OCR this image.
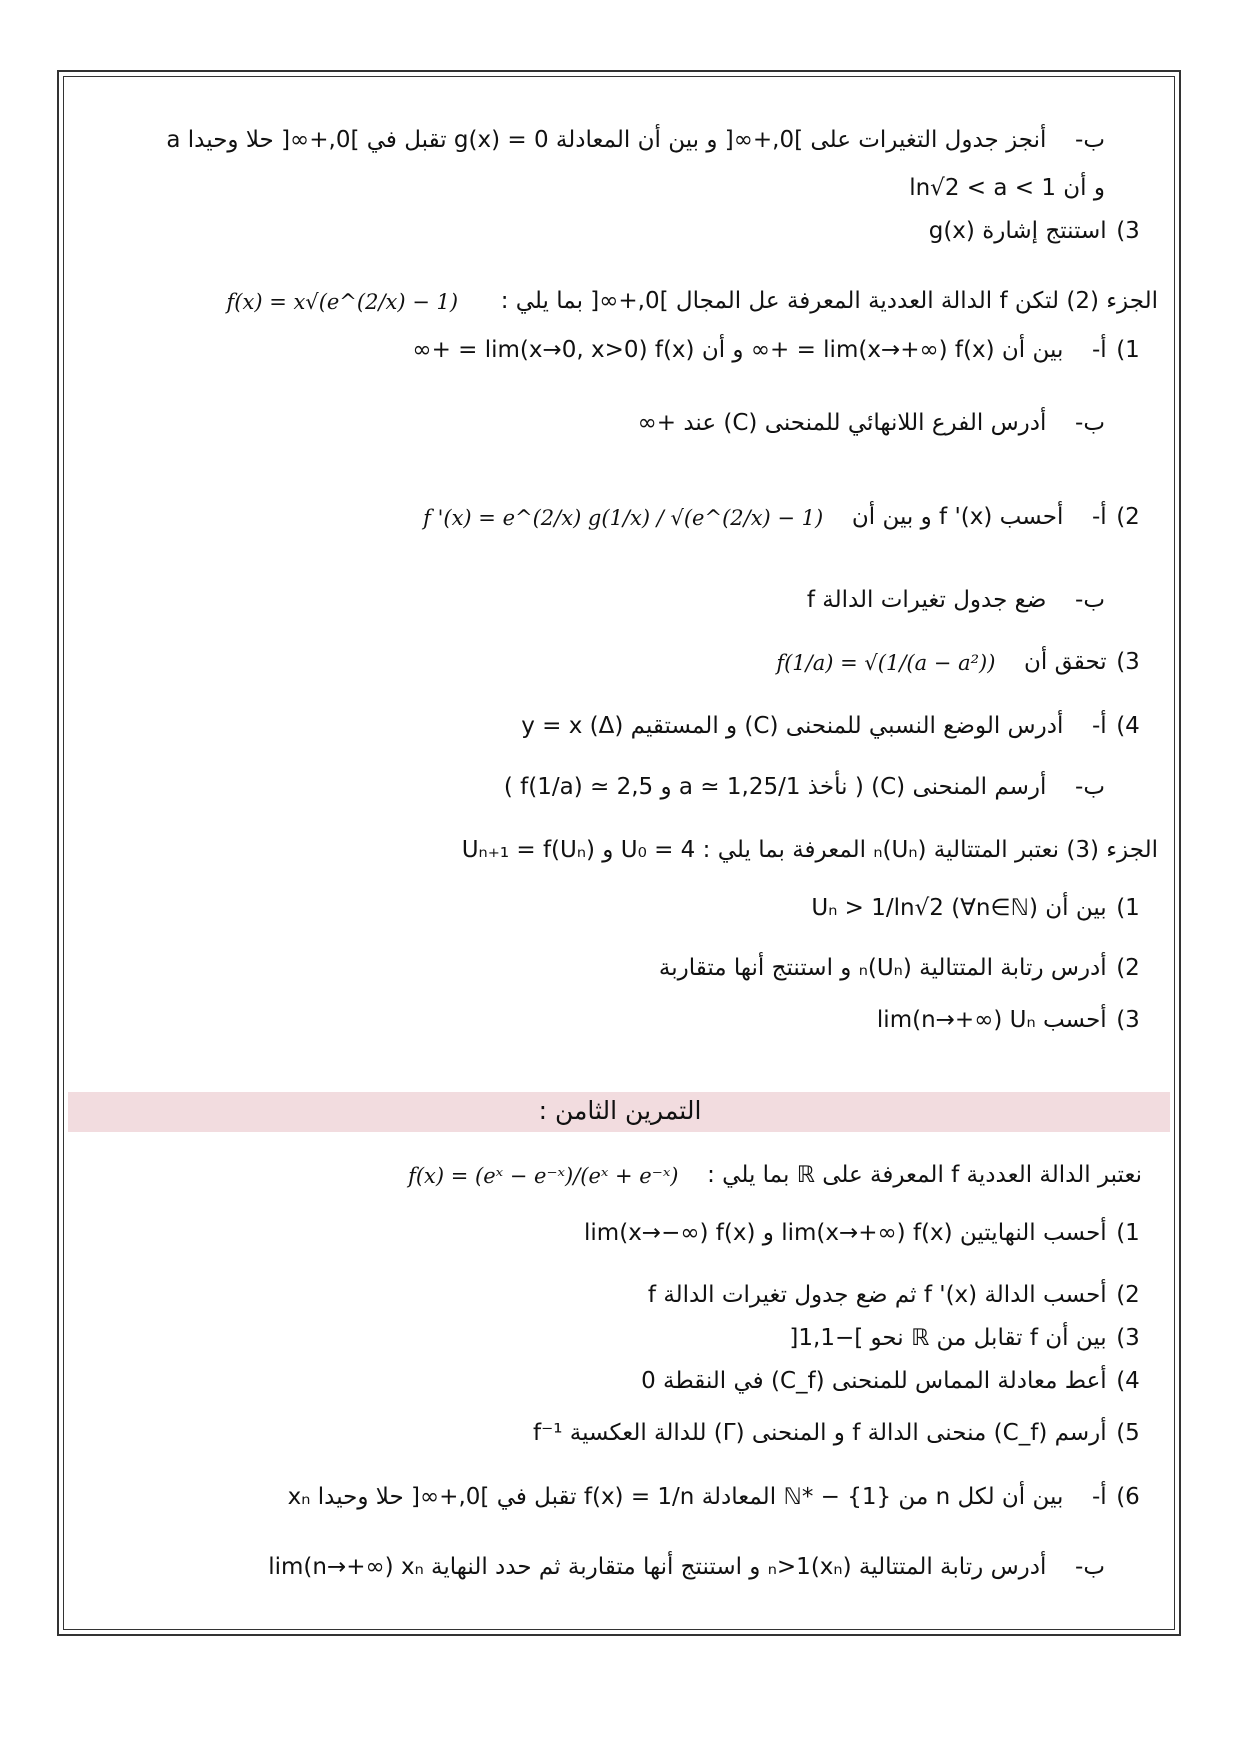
ب-  أنجز جدول التغيرات على ]0,+∞[ و بين أن المعادلة g(x) = 0 تقبل في ]0,+∞[ حلا وحيدا a
و أن ln√2 < a < 1
3) استنتج إشارة g(x)
الجزء (2) لتكن f الدالة العددية المعرفة عل المجال ]0,+∞[ بما يلي :  f(x) = x√(e^(2/x) − 1)
1) أ-  بين أن lim(x→+∞) f(x) = +∞ و أن lim(x→0, x>0) f(x) = +∞
ب-  أدرس الفرع اللانهائي للمنحنى (C) عند +∞
2) أ-  أحسب f '(x) و بين أن  f '(x) = e^(2/x) g(1/x) / √(e^(2/x) − 1)
ب-  ضع جدول تغيرات الدالة f
3) تحقق أن  f(1/a) = √(1/(a − a²))
4) أ-  أدرس الوضع النسبي للمنحنى (C) و المستقيم y = x (Δ)
ب-  أرسم المنحنى (C) ( نأخذ 1/a ≃ 1,25 و f(1/a) ≃ 2,5 )
الجزء (3) نعتبر المتتالية (Uₙ)ₙ المعرفة بما يلي : U₀ = 4 و Uₙ₊₁ = f(Uₙ)
1) بين أن Uₙ > 1/ln√2 (∀n∈ℕ)
2) أدرس رتابة المتتالية (Uₙ)ₙ و استنتج أنها متقاربة
3) أحسب lim(n→+∞) Uₙ
التمرين الثامن :
نعتبر الدالة العددية f المعرفة على ℝ بما يلي :  f(x) = (eˣ − e⁻ˣ)/(eˣ + e⁻ˣ)
1) أحسب النهايتين lim(x→+∞) f(x) و lim(x→−∞) f(x)
2) أحسب الدالة f '(x) ثم ضع جدول تغيرات الدالة f
3) بين أن f تقابل من ℝ نحو ]−1,1[
4) أعط معادلة المماس للمنحنى (C_f) في النقطة 0
5) أرسم (C_f) منحنى الدالة f و المنحنى (Γ) للدالة العكسية f⁻¹
6) أ-  بين أن لكل n من ℕ* − {1} المعادلة f(x) = 1/n تقبل في ]0,+∞[ حلا وحيدا xₙ
ب-  أدرس رتابة المتتالية (xₙ)ₙ>1 و استنتج أنها متقاربة ثم حدد النهاية lim(n→+∞) xₙ
